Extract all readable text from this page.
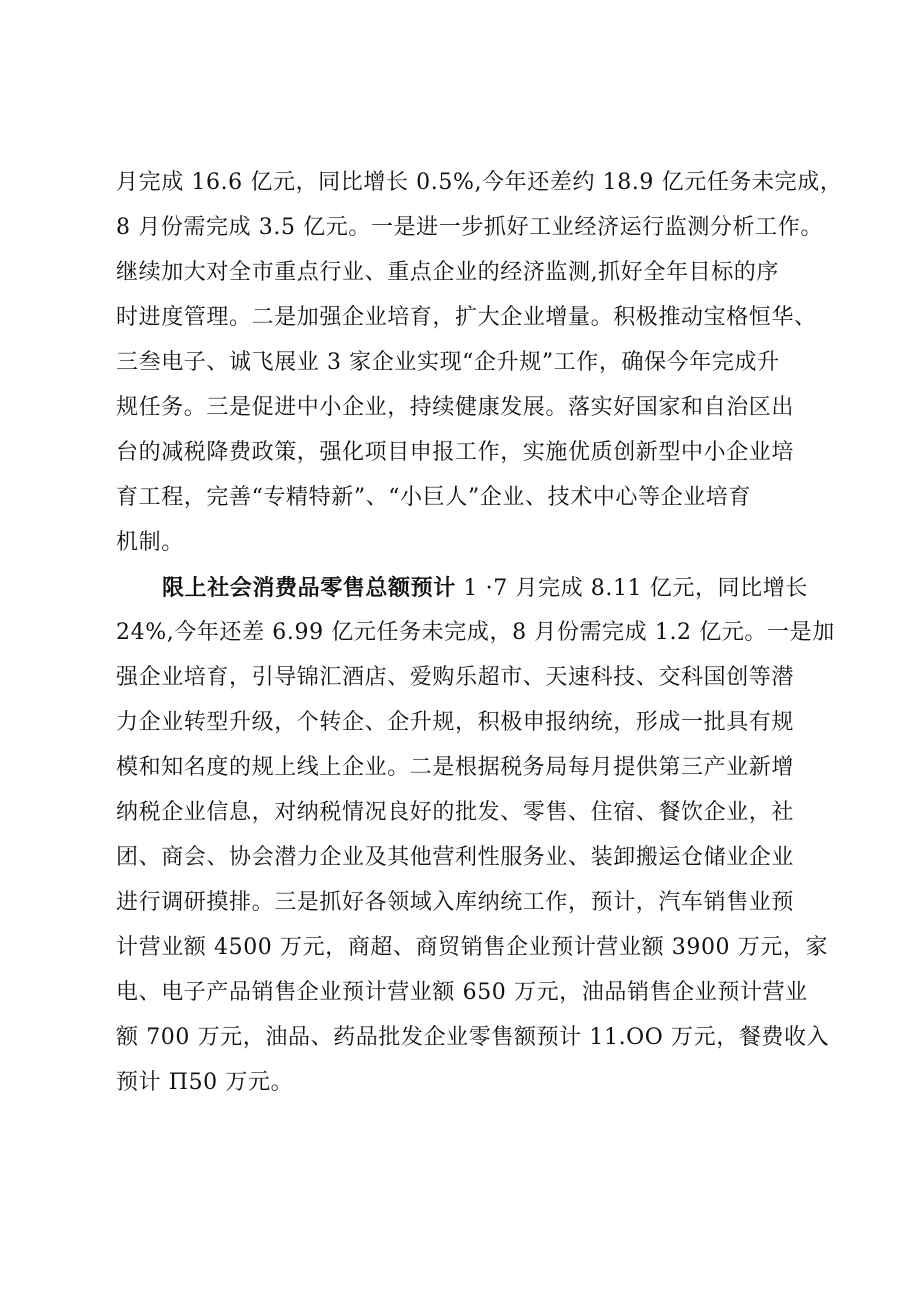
月完成 16.6 亿元，同比增长 0.5%,今年还差约 18.9 亿元任务未完成，
8 月份需完成 3.5 亿元。一是进一步抓好工业经济运行监测分析工作。
继续加大对全市重点行业、重点企业的经济监测,抓好全年目标的序
时进度管理。二是加强企业培育，扩大企业增量。积极推动宝格恒华、
三叁电子、诚飞展业 3 家企业实现“企升规”工作，确保今年完成升
规任务。三是促进中小企业，持续健康发展。落实好国家和自治区出
台的减税降费政策，强化项目申报工作，实施优质创新型中小企业培
育工程，完善“专精特新”、“小巨人”企业、技术中心等企业培育
机制。
限上社会消费品零售总额预计 1 ·7 月完成 8.11 亿元，同比增长
24%,今年还差 6.99 亿元任务未完成，8 月份需完成 1.2 亿元。一是加
强企业培育，引导锦汇酒店、爱购乐超市、天速科技、交科国创等潜
力企业转型升级，个转企、企升规，积极申报纳统，形成一批具有规
模和知名度的规上线上企业。二是根据税务局每月提供第三产业新增
纳税企业信息，对纳税情况良好的批发、零售、住宿、餐饮企业，社
团、商会、协会潜力企业及其他营利性服务业、装卸搬运仓储业企业
进行调研摸排。三是抓好各领域入库纳统工作，预计，汽车销售业预
计营业额 4500 万元，商超、商贸销售企业预计营业额 3900 万元，家
电、电子产品销售企业预计营业额 650 万元，油品销售企业预计营业
额 700 万元，油品、药品批发企业零售额预计 11.OO 万元，餐费收入
预计 Π50 万元。
